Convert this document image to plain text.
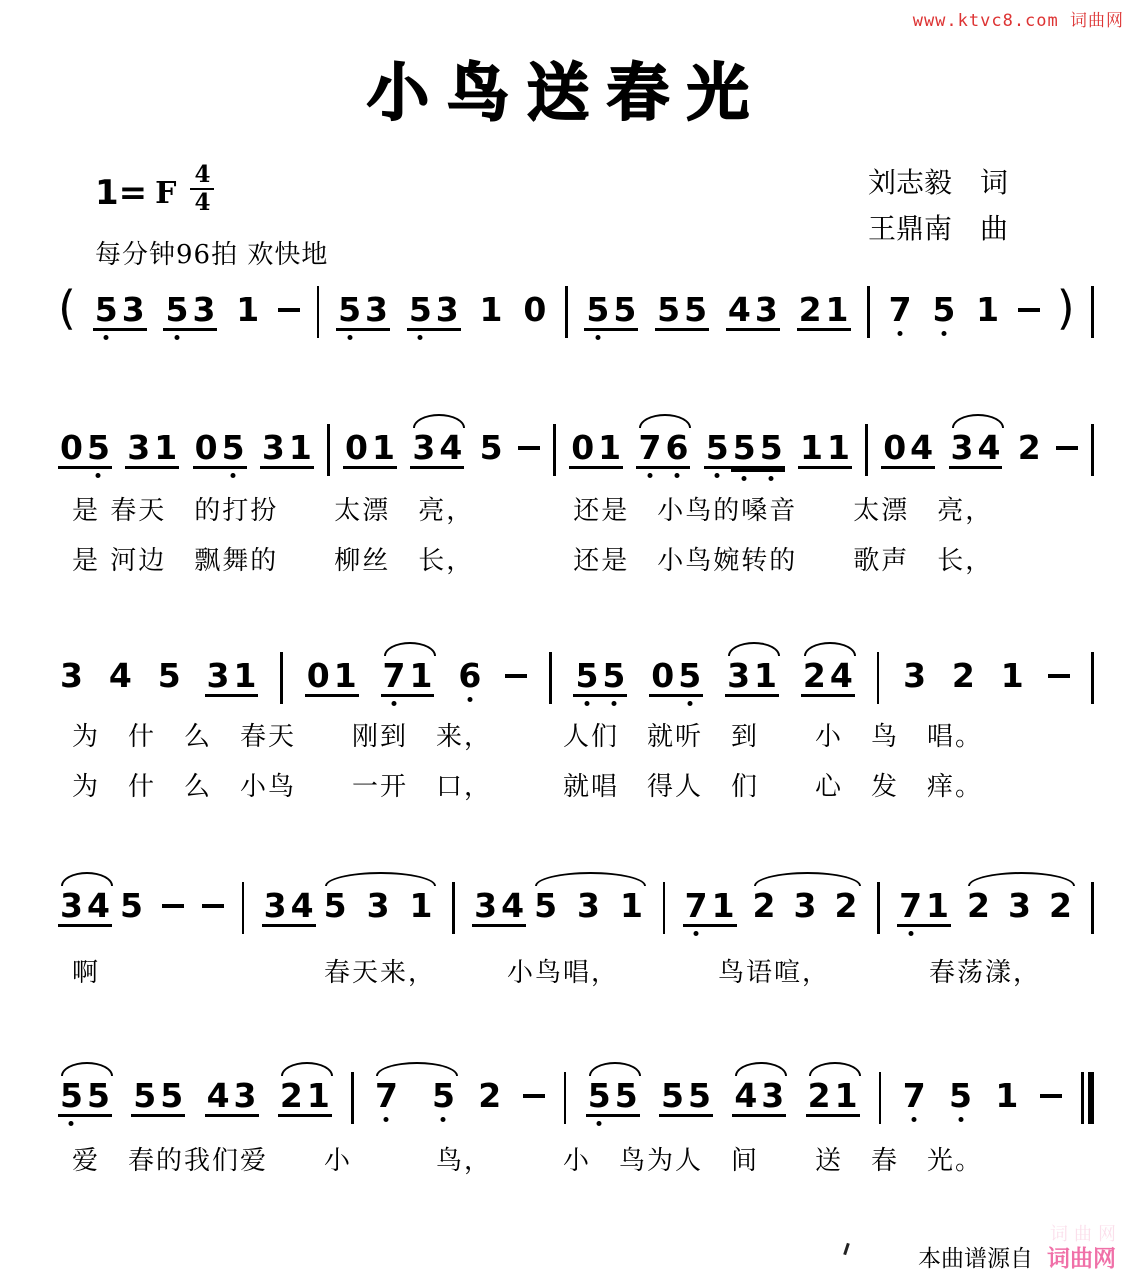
www.ktvc8.com 词曲网
小鸟送春光
1= F $\frac{4}{4}$
每分钟96拍 欢快地
刘志毅　词
王鼎南　曲
( 5 3 5 3 1 5 3 5 3 1 0 5 5 5 5 4 3 2 1 7 5 1 )
0 5 3 1 0 5 3 1 0 1 3 4 5 0 1 7 6 5 5 5 1 1 0 4 3 4 2
3 4 5 3 1 0 1 7 1 6	5 5 0 5 3 1 2 4 3 2 1
3 4 5	3 4 5 3 1 3 4 5 3 1 7 1 2 3 2 7 1 2 3 2
5 5 5 5 4 3 2 1 7 5 2	5 5 5 5 4 3 2 1 7 5 1
是 春天　的打扮　　太漂　亮，　　　　还是　小鸟的嗓音　　太漂　亮，
是 河边　飘舞的　　柳丝　长，　　　　还是　小鸟婉转的　　歌声　长，
为　什　么　春天　　刚到　来，　　　人们　就听　到　　小　鸟　唱。
为　什　么　小鸟　　一开　口，　　　就唱　得人　们　　心　发　痒。
啊　　　　　　　　春天来，　　　小鸟唱，　　　　鸟语喧，　　　　春荡漾，
爱　春的我们爱　　小　　　鸟，　　　小　鸟为人　间　　送　春　光。
词曲网
本曲谱源自 词曲网
